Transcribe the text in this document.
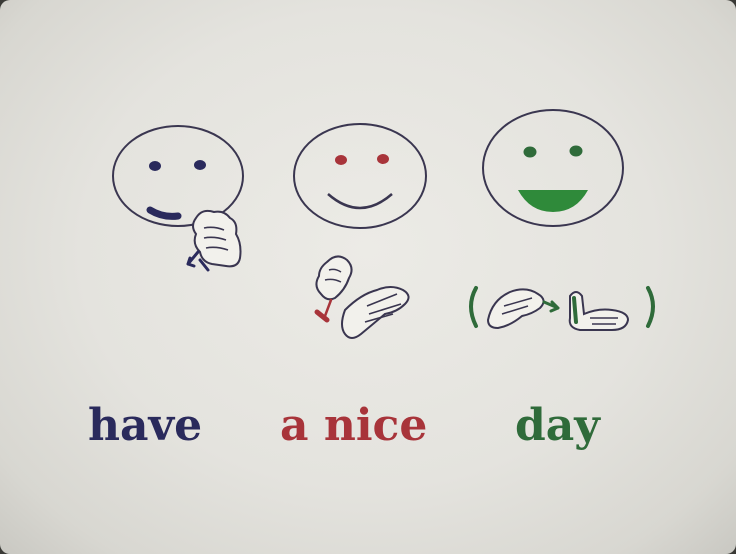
have a nice day
